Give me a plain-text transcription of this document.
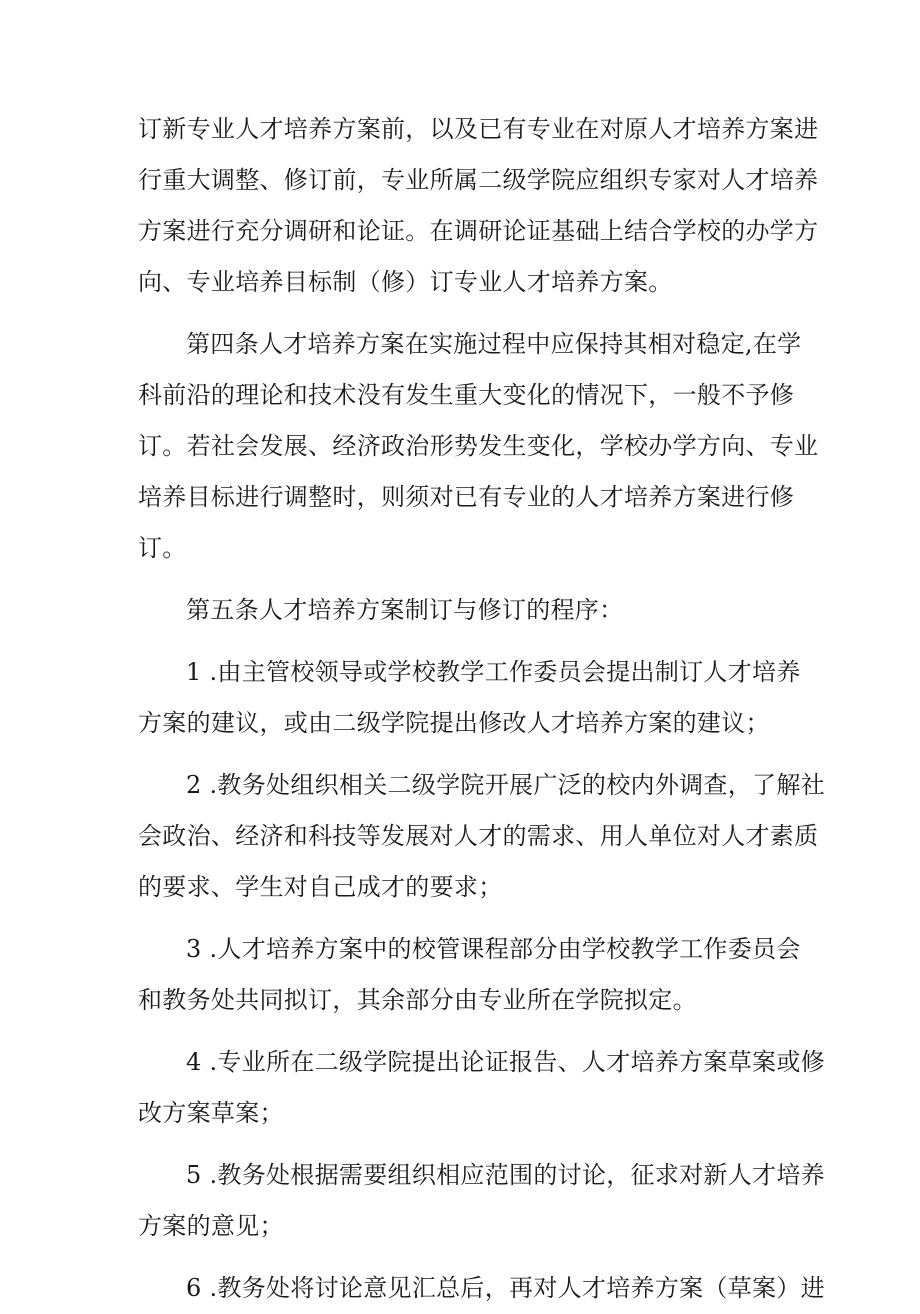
订新专业人才培养方案前，以及已有专业在对原人才培养方案进
行重大调整、修订前，专业所属二级学院应组织专家对人才培养
方案进行充分调研和论证。在调研论证基础上结合学校的办学方
向、专业培养目标制（修）订专业人才培养方案。
第四条人才培养方案在实施过程中应保持其相对稳定,在学
科前沿的理论和技术没有发生重大变化的情况下，一般不予修
订。若社会发展、经济政治形势发生变化，学校办学方向、专业
培养目标进行调整时，则须对已有专业的人才培养方案进行修
订。
第五条人才培养方案制订与修订的程序：
1 .由主管校领导或学校教学工作委员会提出制订人才培养
方案的建议，或由二级学院提出修改人才培养方案的建议；
2 .教务处组织相关二级学院开展广泛的校内外调查，了解社
会政治、经济和科技等发展对人才的需求、用人单位对人才素质
的要求、学生对自己成才的要求；
3 .人才培养方案中的校管课程部分由学校教学工作委员会
和教务处共同拟订，其余部分由专业所在学院拟定。
4 .专业所在二级学院提出论证报告、人才培养方案草案或修
改方案草案；
5 .教务处根据需要组织相应范围的讨论，征求对新人才培养
方案的意见；
6 .教务处将讨论意见汇总后，再对人才培养方案（草案）进
